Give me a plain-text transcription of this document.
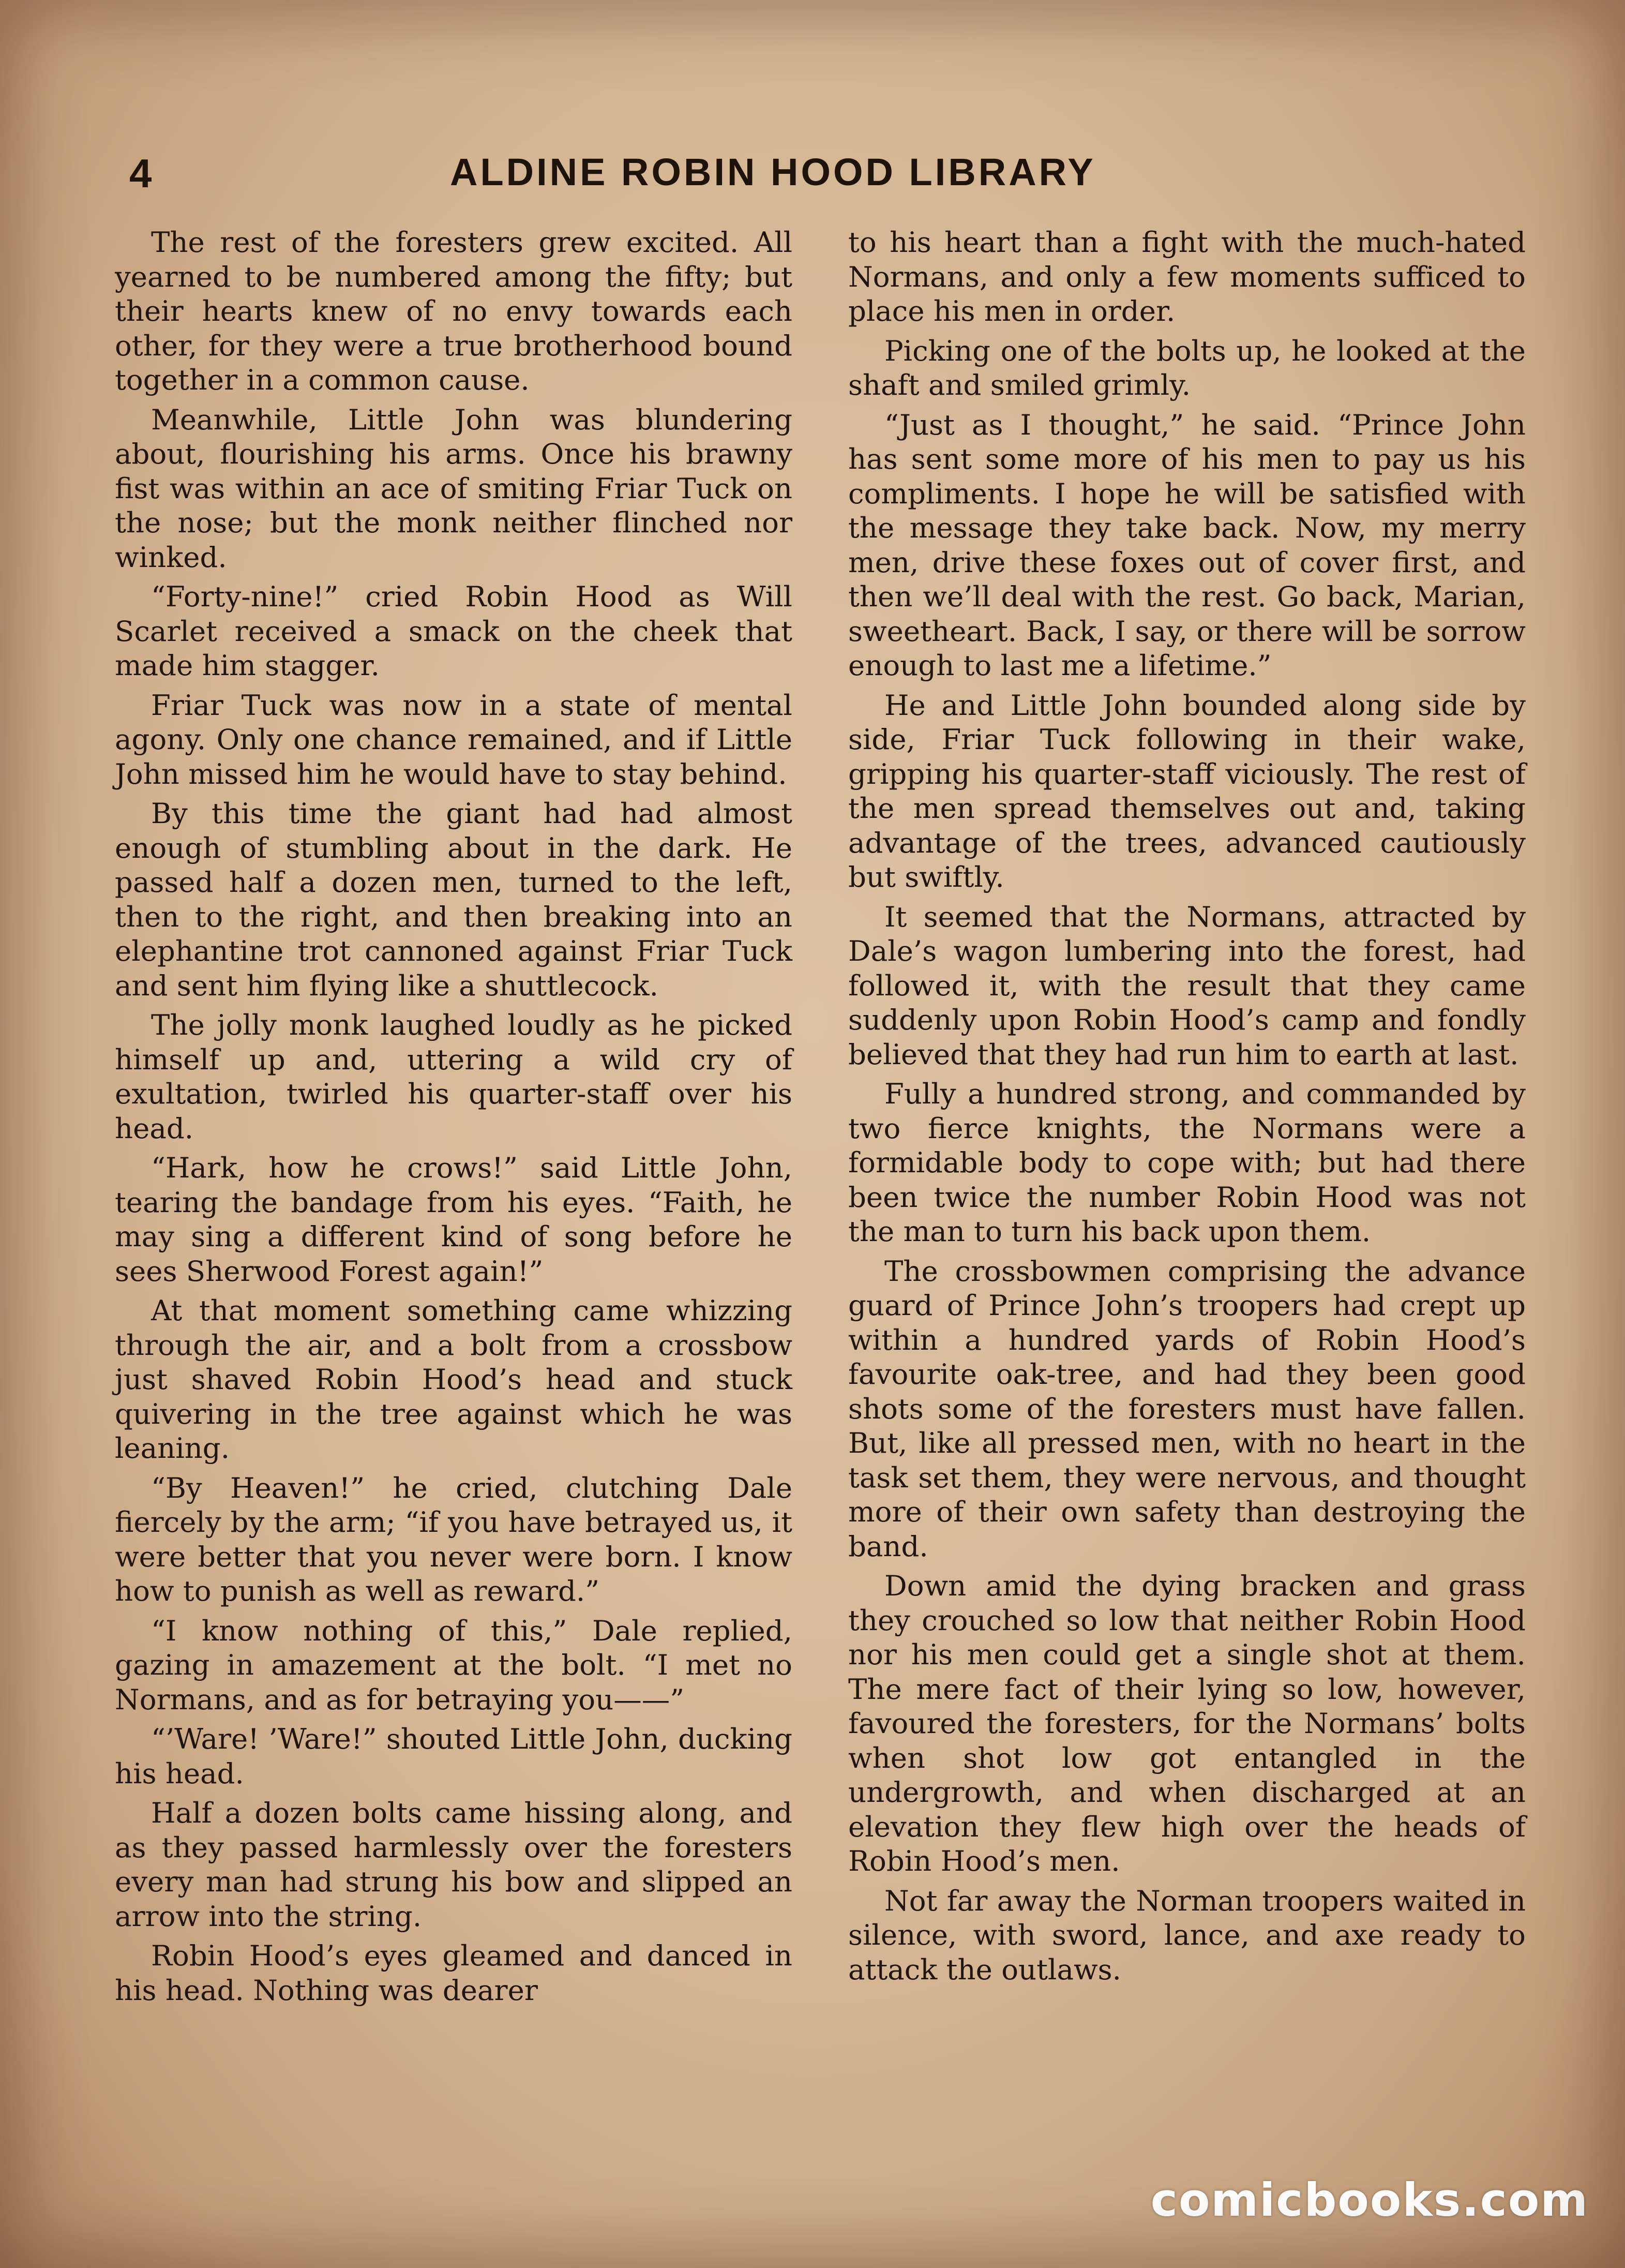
4	ALDINE ROBIN HOOD LIBRARY

The rest of the foresters grew excited. All yearned to be numbered among the fifty; but their hearts knew of no envy towards each other, for they were a true brotherhood bound together in a common cause.

Meanwhile, Little John was blundering about, flourishing his arms. Once his brawny fist was within an ace of smiting Friar Tuck on the nose; but the monk neither flinched nor winked.

“Forty-nine!” cried Robin Hood as Will Scarlet received a smack on the cheek that made him stagger.

Friar Tuck was now in a state of mental agony. Only one chance remained, and if Little John missed him he would have to stay behind.

By this time the giant had had almost enough of stumbling about in the dark. He passed half a dozen men, turned to the left, then to the right, and then breaking into an elephantine trot cannoned against Friar Tuck and sent him flying like a shuttlecock.

The jolly monk laughed loudly as he picked himself up and, uttering a wild cry of exultation, twirled his quarter-staff over his head.

“Hark, how he crows!” said Little John, tearing the bandage from his eyes. “Faith, he may sing a different kind of song before he sees Sherwood Forest again!”

At that moment something came whizzing through the air, and a bolt from a crossbow just shaved Robin Hood’s head and stuck quivering in the tree against which he was leaning.

“By Heaven!” he cried, clutching Dale fiercely by the arm; “if you have betrayed us, it were better that you never were born. I know how to punish as well as reward.”

“I know nothing of this,” Dale replied, gazing in amazement at the bolt. “I met no Normans, and as for betraying you——”

“’Ware! ’Ware!” shouted Little John, ducking his head.

Half a dozen bolts came hissing along, and as they passed harmlessly over the foresters every man had strung his bow and slipped an arrow into the string.

Robin Hood’s eyes gleamed and danced in his head. Nothing was dearer

to his heart than a fight with the much-hated Normans, and only a few moments sufficed to place his men in order.

Picking one of the bolts up, he looked at the shaft and smiled grimly.

“Just as I thought,” he said. “Prince John has sent some more of his men to pay us his compliments. I hope he will be satisfied with the message they take back. Now, my merry men, drive these foxes out of cover first, and then we’ll deal with the rest. Go back, Marian, sweetheart. Back, I say, or there will be sorrow enough to last me a lifetime.”

He and Little John bounded along side by side, Friar Tuck following in their wake, gripping his quarter-staff viciously. The rest of the men spread themselves out and, taking advantage of the trees, advanced cautiously but swiftly.

It seemed that the Normans, attracted by Dale’s wagon lumbering into the forest, had followed it, with the result that they came suddenly upon Robin Hood’s camp and fondly believed that they had run him to earth at last.

Fully a hundred strong, and commanded by two fierce knights, the Normans were a formidable body to cope with; but had there been twice the number Robin Hood was not the man to turn his back upon them.

The crossbowmen comprising the advance guard of Prince John’s troopers had crept up within a hundred yards of Robin Hood’s favourite oak-tree, and had they been good shots some of the foresters must have fallen. But, like all pressed men, with no heart in the task set them, they were nervous, and thought more of their own safety than destroying the band.

Down amid the dying bracken and grass they crouched so low that neither Robin Hood nor his men could get a single shot at them. The mere fact of their lying so low, however, favoured the foresters, for the Normans’ bolts when shot low got entangled in the undergrowth, and when discharged at an elevation they flew high over the heads of Robin Hood’s men.

Not far away the Norman troopers waited in silence, with sword, lance, and axe ready to attack the outlaws.

comicbooks.com
